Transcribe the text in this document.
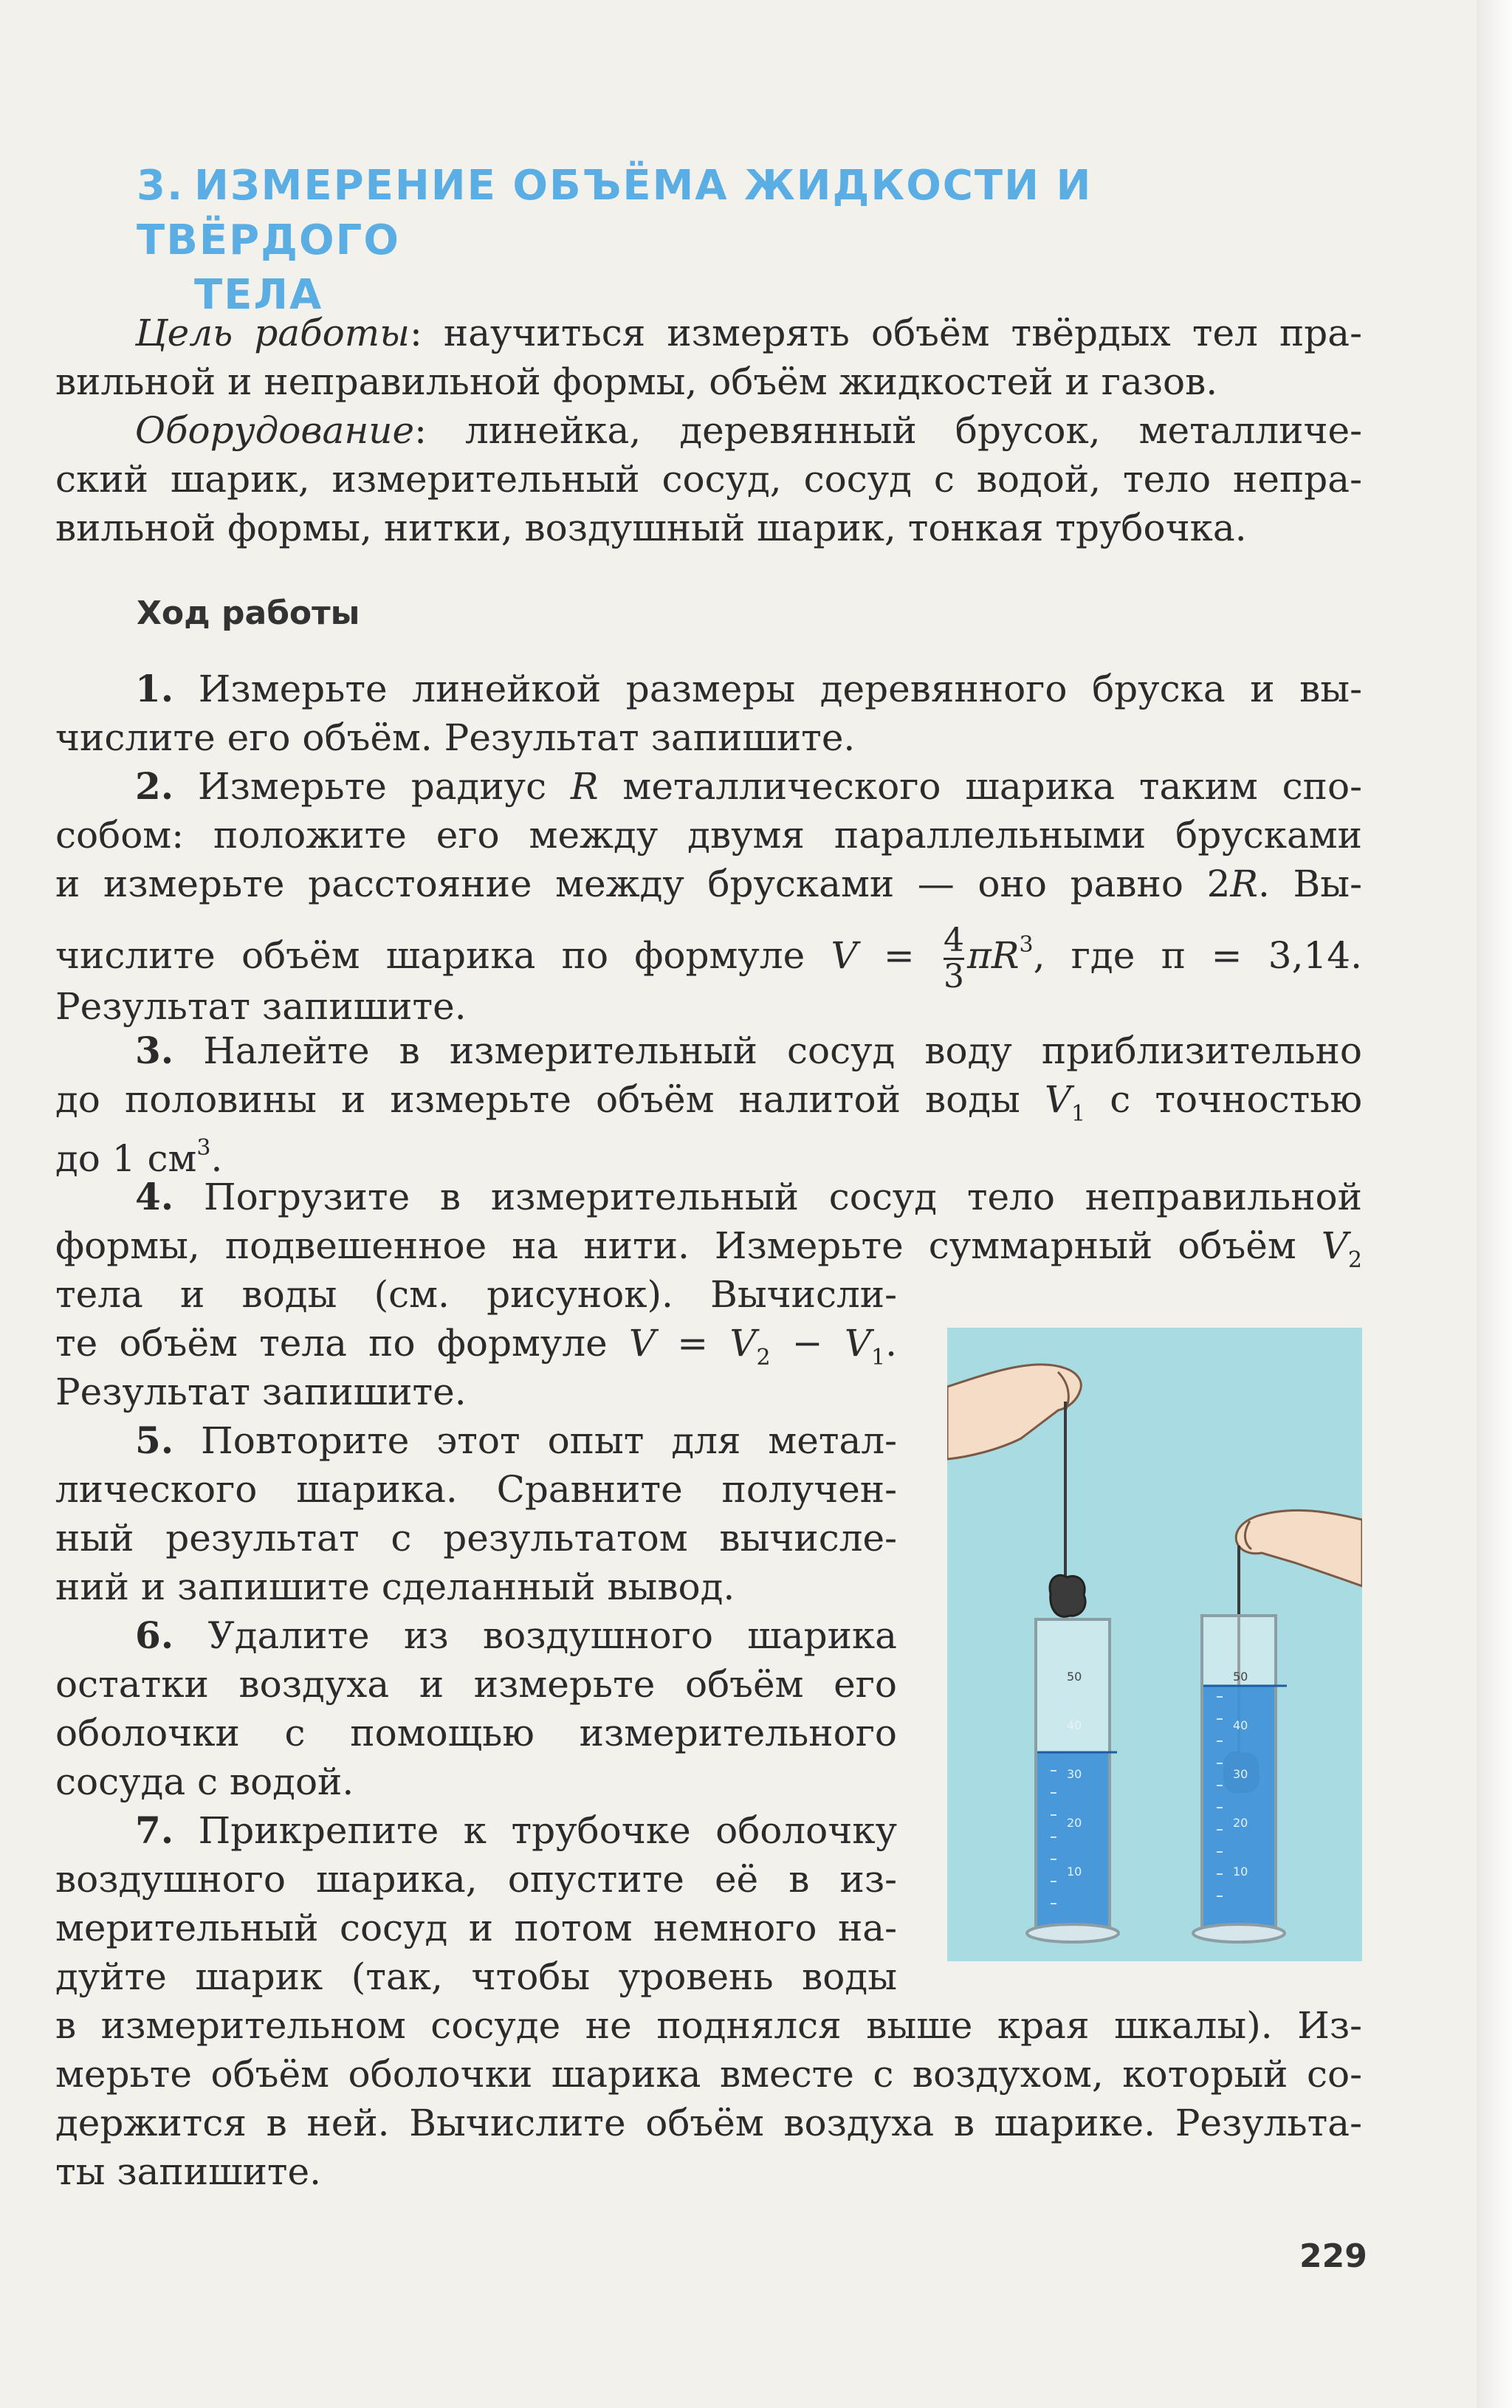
3. ИЗМЕРЕНИЕ ОБЪЁМА ЖИДКОСТИ И ТВЁРДОГО
ТЕЛА
Цель работы: научиться измерять объём твёрдых тел пра-
вильной и неправильной формы, объём жидкостей и газов.
Оборудование: линейка, деревянный брусок, металличе-
ский шарик, измерительный сосуд, сосуд с водой, тело непра-
вильной формы, нитки, воздушный шарик, тонкая трубочка.
Ход работы
1. Измерьте линейкой размеры деревянного бруска и вы-
числите его объём. Результат запишите.
2. Измерьте радиус R металлического шарика таким спо-
собом: положите его между двумя параллельными брусками
и измерьте расстояние между брусками — оно равно 2R. Вы-
числите объём шарика по формуле $V = \frac{4}{3} \pi R^3$, где π = 3,14.
Результат запишите.
3. Налейте в измерительный сосуд воду приблизительно
до половины и измерьте объём налитой воды $V_1$ с точностью
до 1 $см^3$.
4. Погрузите в измерительный сосуд тело неправильной
формы, подвешенное на нити. Измерьте суммарный объём $V_2$
тела и воды (см. рисунок). Вычисли-
те объём тела по формуле $V = V_2 - V_1$.
Результат запишите.
5. Повторите этот опыт для метал-
лического шарика. Сравните получен-
ный результат с результатом вычисле-
ний и запишите сделанный вывод.
6. Удалите из воздушного шарика
остатки воздуха и измерьте объём его
оболочки с помощью измерительного
сосуда с водой.
7. Прикрепите к трубочке оболочку
воздушного шарика, опустите её в из-
мерительный сосуд и потом немного на-
дуйте шарик (так, чтобы уровень воды
в измерительном сосуде не поднялся выше края шкалы). Из-
мерьте объём оболочки шарика вместе с воздухом, который со-
держится в ней. Вычислите объём воздуха в шарике. Результа-
ты запишите.
50
40
30
20
10
50
40
30
20
10
229
